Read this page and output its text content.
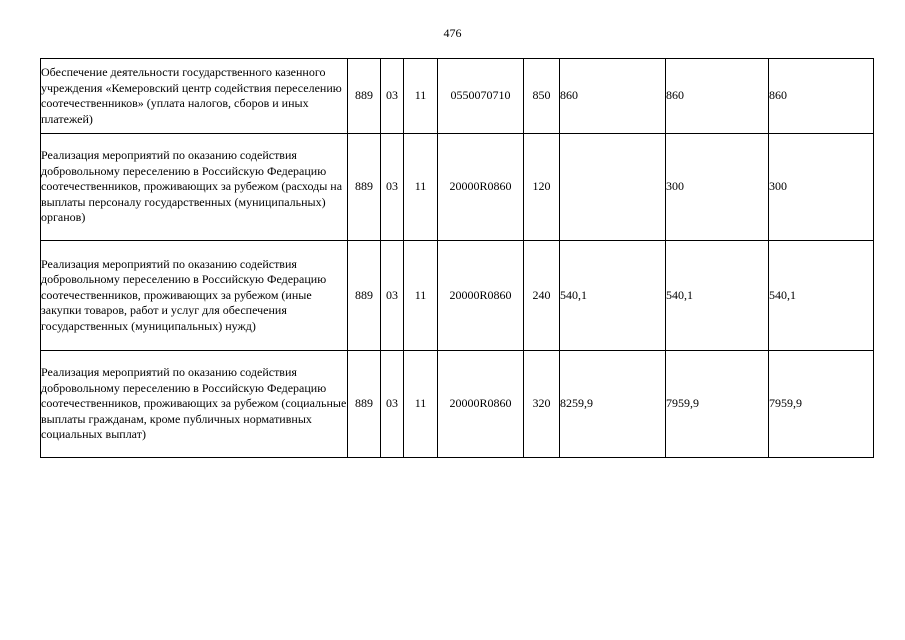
476
Обеспечение деятельности государственного казенного учреждения «Кемеровский центр содействия переселению соотечественников» (уплата налогов, сборов и иных платежей)	889	03	11	0550070710	850	860	860	860
Реализация мероприятий по оказанию содействия добровольному переселению в Российскую Федерацию соотечественников, проживающих за рубежом (расходы на выплаты персоналу государственных (муниципальных) органов)	889	03	11	20000R0860	120		300	300
Реализация мероприятий по оказанию содействия добровольному переселению в Российскую Федерацию соотечественников, проживающих за рубежом (иные закупки товаров, работ и услуг для обеспечения государственных (муниципальных) нужд)	889	03	11	20000R0860	240	540,1	540,1	540,1
Реализация мероприятий по оказанию содействия добровольному переселению в Российскую Федерацию соотечественников, проживающих за рубежом (социальные выплаты гражданам, кроме публичных нормативных социальных выплат)	889	03	11	20000R0860	320	8259,9	7959,9	7959,9
